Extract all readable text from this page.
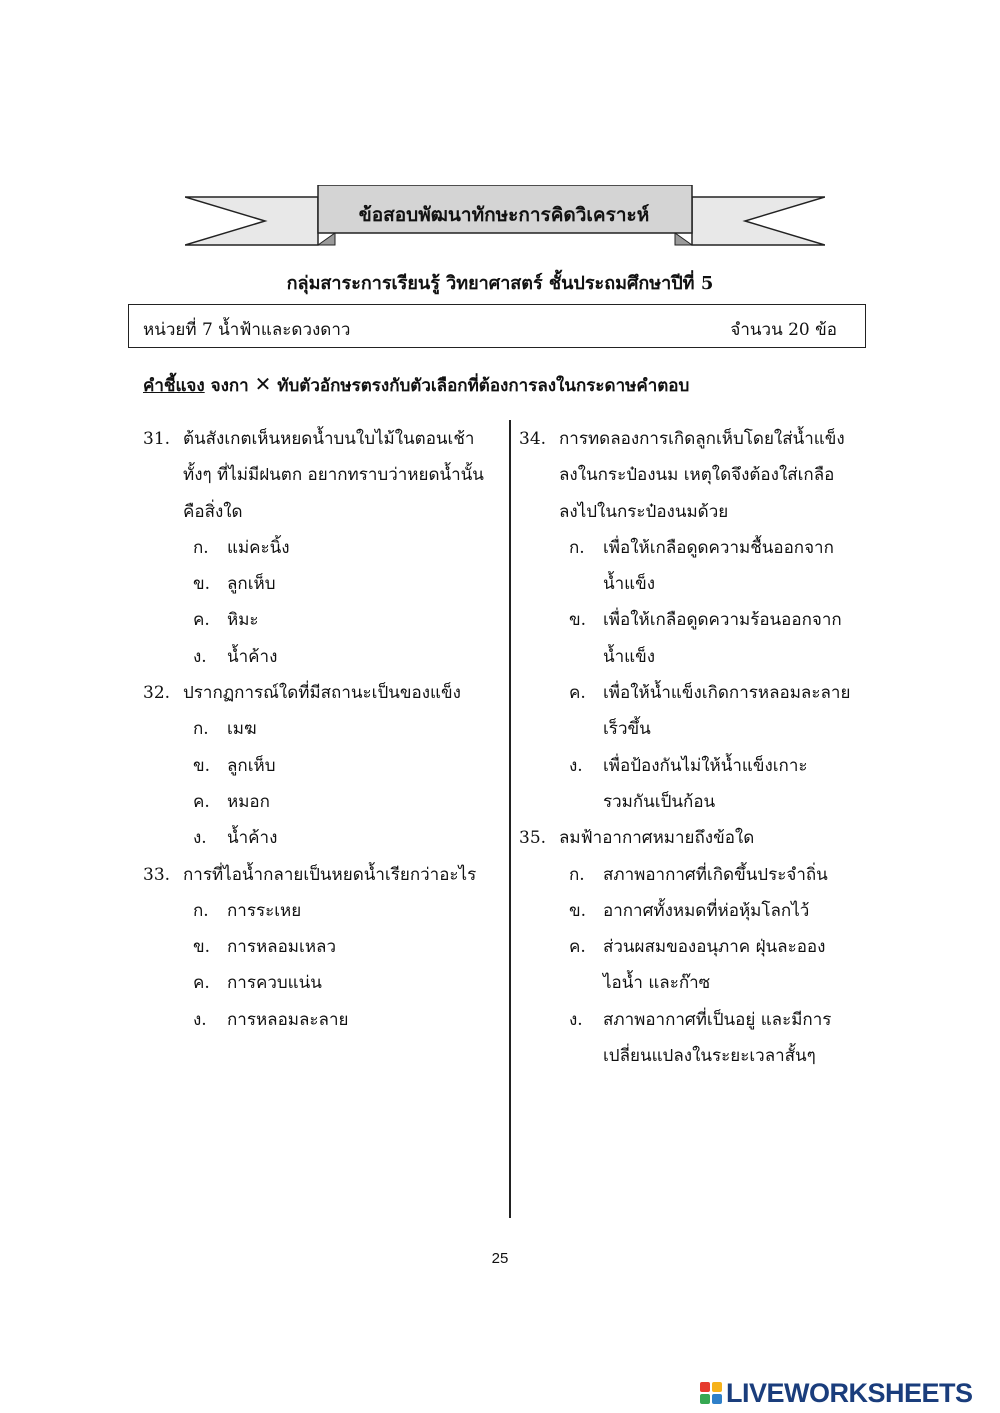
ข้อสอบพัฒนาทักษะการคิดวิเคราะห์
กลุ่มสาระการเรียนรู้ วิทยาศาสตร์ ชั้นประถมศึกษาปีที่ 5
หน่วยที่ 7 น้ำฟ้าและดวงดาว	จำนวน 20 ข้อ
คำชี้แจง จงกา ✕ ทับตัวอักษรตรงกับตัวเลือกที่ต้องการลงในกระดาษคำตอบ
31. ต้นสังเกตเห็นหยดน้ำบนใบไม้ในตอนเช้า
ทั้งๆ ที่ไม่มีฝนตก อยากทราบว่าหยดน้ำนั้น
คือสิ่งใด
ก. แม่คะนิ้ง
ข. ลูกเห็บ
ค. หิมะ
ง. น้ำค้าง
32. ปรากฏการณ์ใดที่มีสถานะเป็นของแข็ง
ก. เมฆ
ข. ลูกเห็บ
ค. หมอก
ง. น้ำค้าง
33. การที่ไอน้ำกลายเป็นหยดน้ำเรียกว่าอะไร
ก. การระเหย
ข. การหลอมเหลว
ค. การควบแน่น
ง. การหลอมละลาย
34. การทดลองการเกิดลูกเห็บโดยใส่น้ำแข็ง
ลงในกระป๋องนม เหตุใดจึงต้องใส่เกลือ
ลงไปในกระป๋องนมด้วย
ก. เพื่อให้เกลือดูดความชื้นออกจาก
น้ำแข็ง
ข. เพื่อให้เกลือดูดความร้อนออกจาก
น้ำแข็ง
ค. เพื่อให้น้ำแข็งเกิดการหลอมละลาย
เร็วขึ้น
ง. เพื่อป้องกันไม่ให้น้ำแข็งเกาะ
รวมกันเป็นก้อน
35. ลมฟ้าอากาศหมายถึงข้อใด
ก. สภาพอากาศที่เกิดขึ้นประจำถิ่น
ข. อากาศทั้งหมดที่ห่อหุ้มโลกไว้
ค. ส่วนผสมของอนุภาค ฝุ่นละออง
ไอน้ำ และก๊าซ
ง. สภาพอากาศที่เป็นอยู่ และมีการ
เปลี่ยนแปลงในระยะเวลาสั้นๆ
25
LIVEWORKSHEETS
